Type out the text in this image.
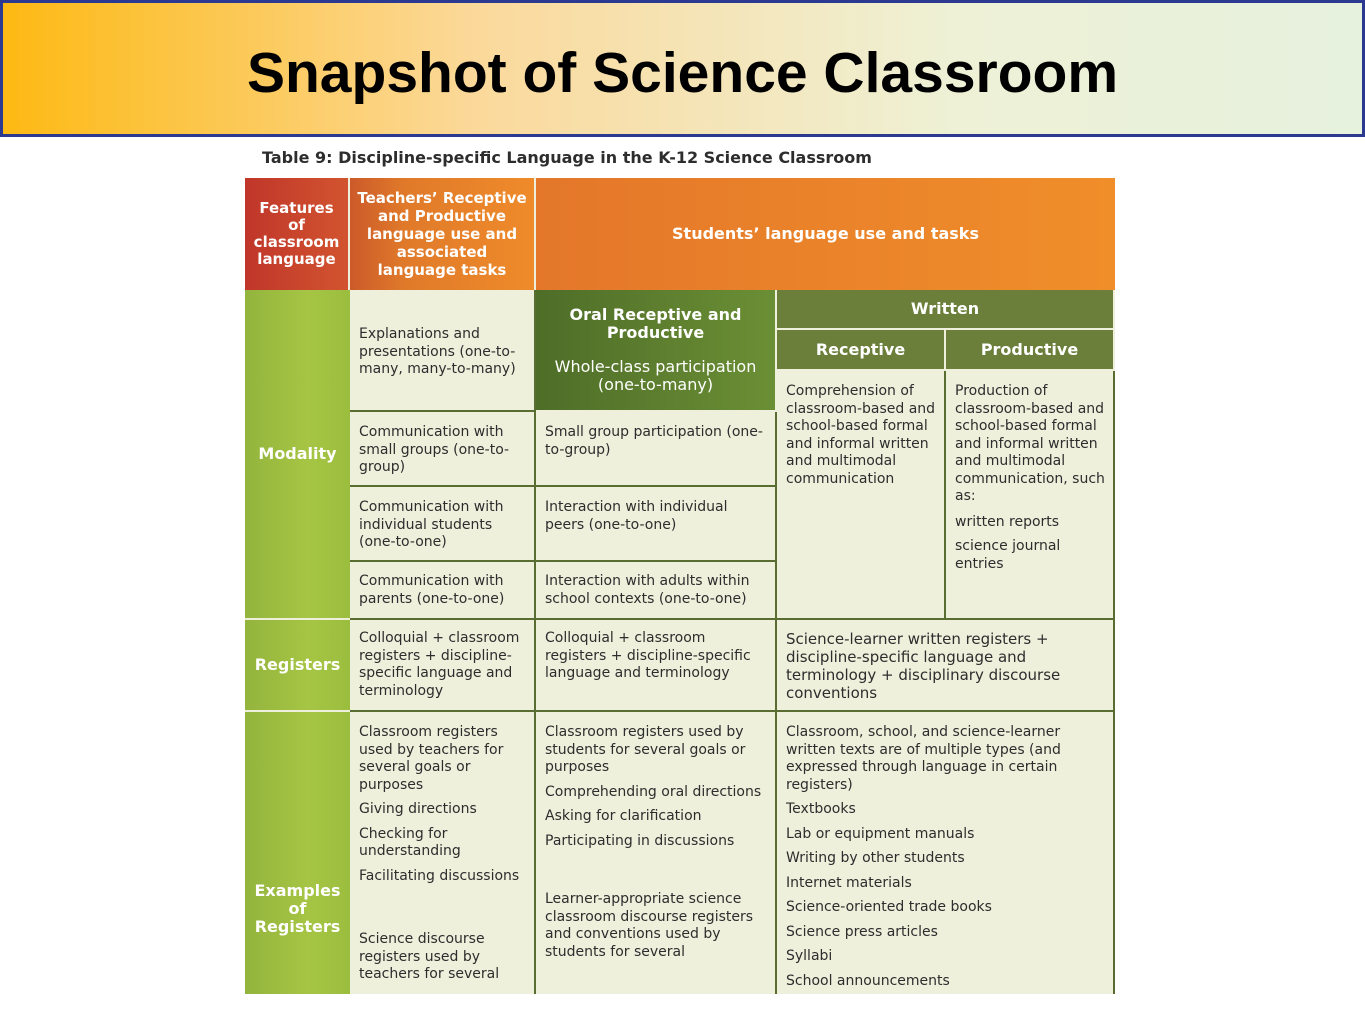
Snapshot of Science Classroom
Table 9: Discipline-specific Language in the K-12 Science Classroom
Features of classroom language
Teachers’ Receptive and Productive language use and associated language tasks
Students’ language use and tasks
Modality
Registers
Examples of Registers
Explanations and presentations (one-to-many, many-to-many)
Communication with small groups (one-to-group)
Communication with individual students (one-to-one)
Communication with parents (one-to-one)
Oral Receptive and Productive
Whole-class participation (one-to-many)
Small group participation (one-to-group)
Interaction with individual peers (one-to-one)
Interaction with adults within school contexts (one-to-one)
Written
Receptive	Productive
Comprehension of classroom-based and school-based formal and informal written and multimodal communication

Production of classroom-based and school-based formal and informal written and multimodal communication, such as:

written reports

science journal entries

Colloquial + classroom registers + discipline-specific language and terminology
Colloquial + classroom registers + discipline-specific language and terminology
Science-learner written registers + discipline-specific language and terminology + disciplinary discourse conventions

Classroom registers used by teachers for several goals or purposes

Giving directions

Checking for understanding

Facilitating discussions

Science discourse registers used by teachers for several

Classroom registers used by students for several goals or purposes

Comprehending oral directions

Asking for clarification

Participating in discussions

Learner-appropriate science classroom discourse registers and conventions used by students for several

Classroom, school, and science-learner written texts are of multiple types (and expressed through language in certain registers)

Textbooks

Lab or equipment manuals

Writing by other students

Internet materials

Science-oriented trade books

Science press articles

Syllabi

School announcements
